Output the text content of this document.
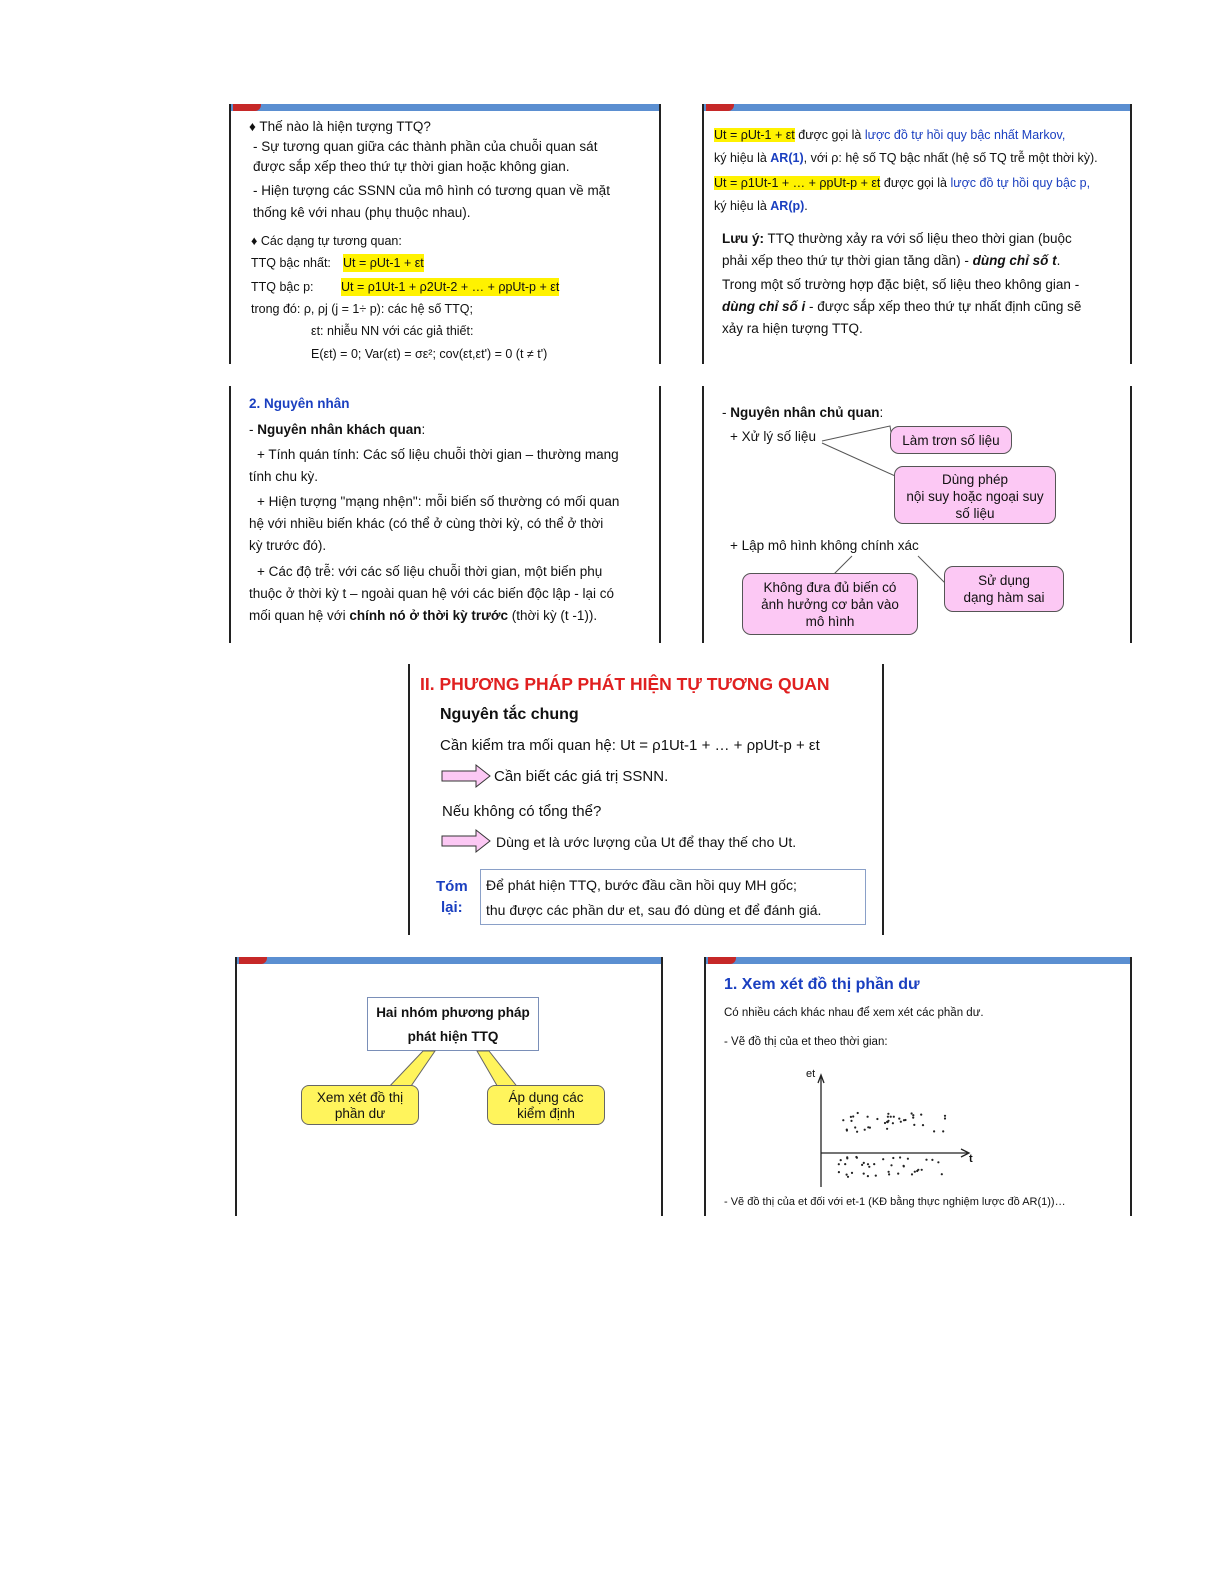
♦ Thế nào là hiện tượng TTQ?
- Sự tương quan giữa các thành phần của chuỗi quan sát
được sắp xếp theo thứ tự thời gian hoặc không gian.
- Hiện tượng các SSNN của mô hình có tương quan về mặt
thống kê với nhau (phụ thuộc nhau).
♦ Các dạng tự tương quan:
TTQ bậc nhất: Ut = ρUt-1 + εt
TTQ bậc p: Ut = ρ1Ut-1 + ρ2Ut-2 + … + ρpUt-p + εt
trong đó: ρ, ρj (j = 1÷ p): các hệ số TTQ;
εt: nhiễu NN với các giả thiết:
E(εt) = 0; Var(εt) = σε²; cov(εt,εt') = 0 (t ≠ t')
Ut = ρUt-1 + εt được gọi là lược đồ tự hồi quy bậc nhất Markov,
ký hiệu là AR(1), với ρ: hệ số TQ bậc nhất (hệ số TQ trễ một thời kỳ).
Ut = ρ1Ut-1 + … + ρpUt-p + εt được gọi là lược đồ tự hồi quy bậc p,
ký hiệu là AR(p).
Lưu ý: TTQ thường xảy ra với số liệu theo thời gian (buộc
phải xếp theo thứ tự thời gian tăng dần) - dùng chỉ số t.
Trong một số trường hợp đặc biệt, số liệu theo không gian -
dùng chỉ số i - được sắp xếp theo thứ tự nhất định cũng sẽ
xảy ra hiện tượng TTQ.
2. Nguyên nhân
- Nguyên nhân khách quan:
+ Tính quán tính: Các số liệu chuỗi thời gian – thường mang
tính chu kỳ.
+ Hiện tượng "mạng nhện": mỗi biến số thường có mối quan
hệ với nhiều biến khác (có thể ở cùng thời kỳ, có thể ở thời
kỳ trước đó).
+ Các độ trễ: với các số liệu chuỗi thời gian, một biến phụ
thuộc ở thời kỳ t – ngoài quan hệ với các biến độc lập - lại có
mối quan hệ với chính nó ở thời kỳ trước (thời kỳ (t -1)).
- Nguyên nhân chủ quan:
+ Xử lý số liệu	Làm trơn số liệu
Dùng phép
nội suy hoặc ngoại suy
số liệu
+ Lập mô hình không chính xác
Không đưa đủ biến có
ảnh hưởng cơ bản vào
mô hình
Sử dụng
dạng hàm sai
II. PHƯƠNG PHÁP PHÁT HIỆN TỰ TƯƠNG QUAN
Nguyên tắc chung
Cần kiểm tra mối quan hệ: Ut = ρ1Ut-1 + … + ρpUt-p + εt
Cần biết các giá trị SSNN.
Nếu không có tổng thể?
Dùng et là ước lượng của Ut để thay thế cho Ut.
Tóm
lại:
Để phát hiện TTQ, bước đầu cần hồi quy MH gốc;
thu được các phần dư et, sau đó dùng et để đánh giá.
Hai nhóm phương pháp
phát hiện TTQ
Xem xét đồ thị
phần dư
Áp dụng các
kiểm định
1. Xem xét đồ thị phần dư
Có nhiều cách khác nhau để xem xét các phần dư.
- Vẽ đồ thị của et theo thời gian:
et
t
- Vẽ đồ thị của et đối với et-1 (KĐ bằng thực nghiệm lược đồ AR(1))…
